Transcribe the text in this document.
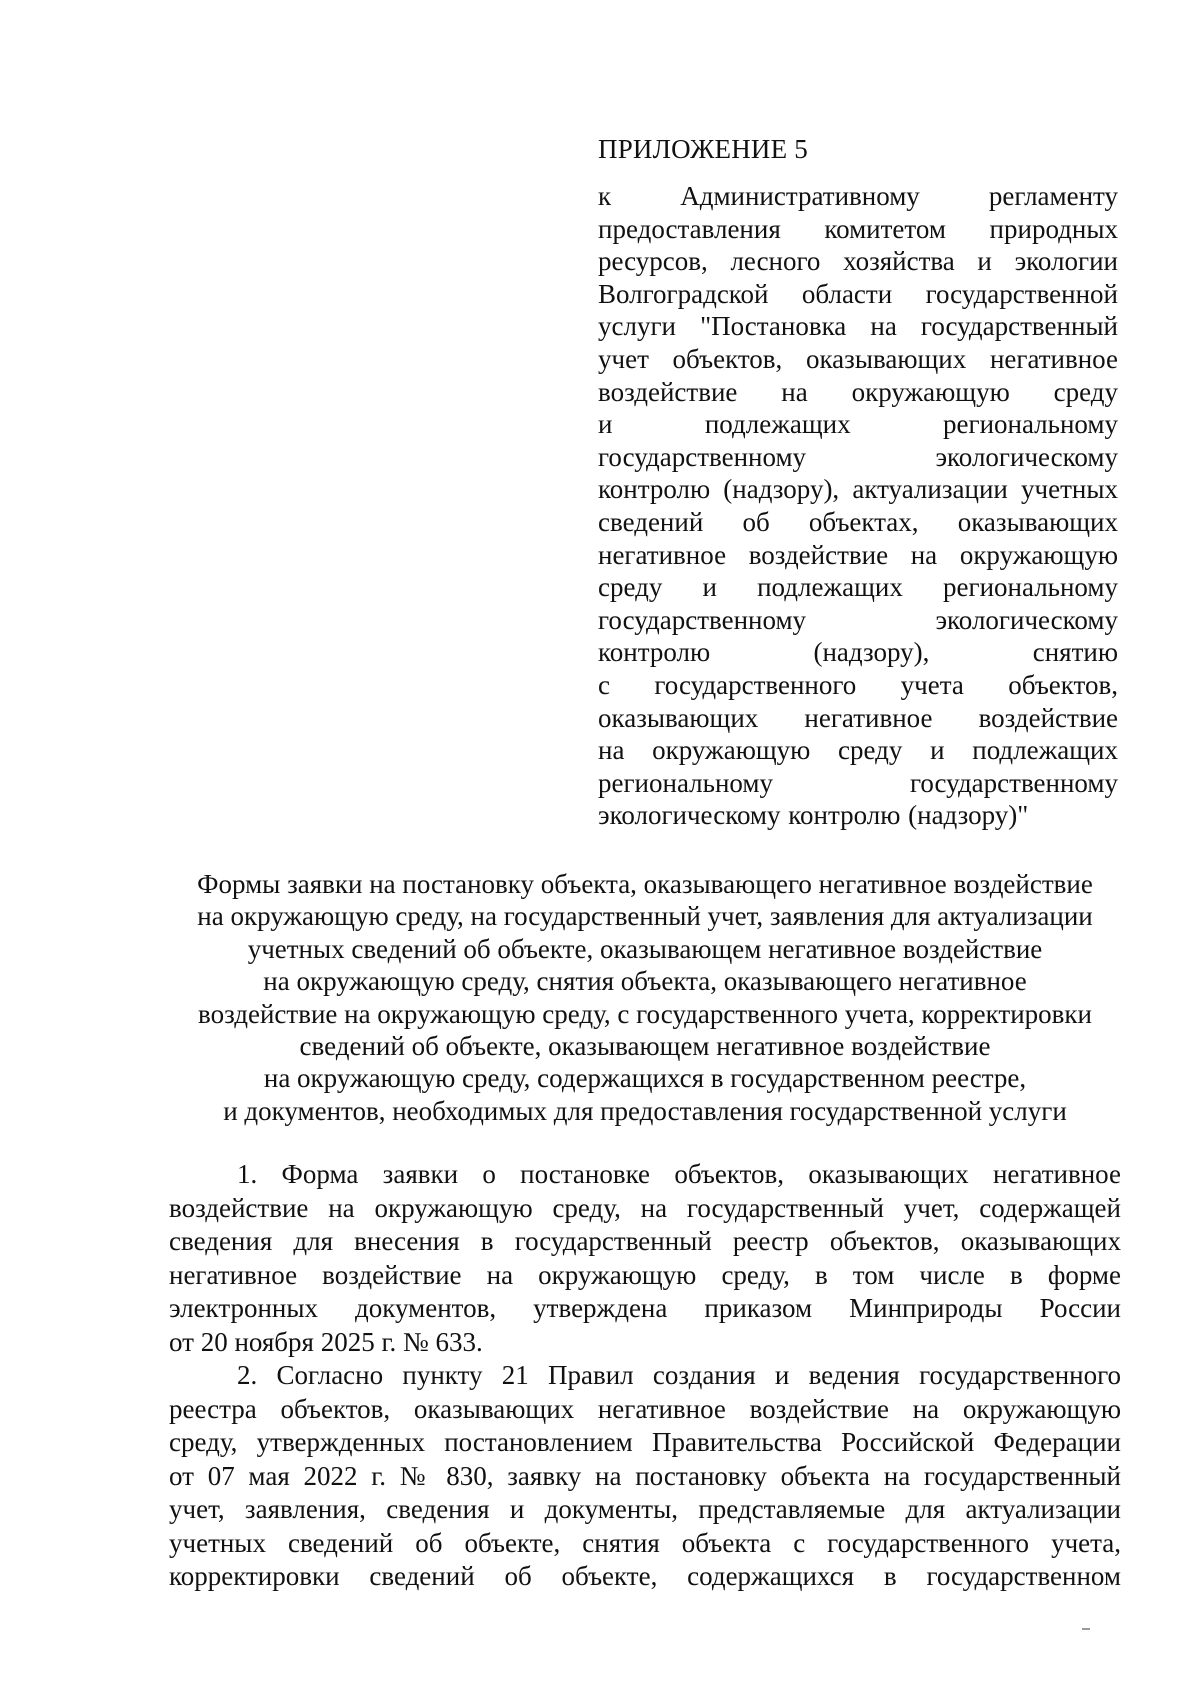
ПРИЛОЖЕНИЕ 5

к Административному регламенту

предоставления комитетом природных

ресурсов, лесного хозяйства и экологии

Волгоградской области государственной

услуги "Постановка на государственный

учет объектов, оказывающих негативное

воздействие на окружающую среду

и подлежащих региональному

государственному экологическому

контролю (надзору), актуализации учетных

сведений об объектах, оказывающих

негативное воздействие на окружающую

среду и подлежащих региональному

государственному экологическому

контролю (надзору), снятию

с государственного учета объектов,

оказывающих негативное воздействие

на окружающую среду и подлежащих

региональному государственному

экологическому контролю (надзору)"

Формы заявки на постановку объекта, оказывающего негативное воздействие

на окружающую среду, на государственный учет, заявления для актуализации

учетных сведений об объекте, оказывающем негативное воздействие

на окружающую среду, снятия объекта, оказывающего негативное

воздействие на окружающую среду, с государственного учета, корректировки

сведений об объекте, оказывающем негативное воздействие

на окружающую среду, содержащихся в государственном реестре,

и документов, необходимых для предоставления государственной услуги

1. Форма заявки о постановке объектов, оказывающих негативное

воздействие на окружающую среду, на государственный учет, содержащей

сведения для внесения в государственный реестр объектов, оказывающих

негативное воздействие на окружающую среду, в том числе в форме

электронных документов, утверждена приказом Минприроды России

от 20 ноября 2025 г. № 633.

2. Согласно пункту 21 Правил создания и ведения государственного

реестра объектов, оказывающих негативное воздействие на окружающую

среду, утвержденных постановлением Правительства Российской Федерации

от 07 мая 2022 г. № 830, заявку на постановку объекта на государственный

учет, заявления, сведения и документы, представляемые для актуализации

учетных сведений об объекте, снятия объекта с государственного учета,

корректировки сведений об объекте, содержащихся в государственном
